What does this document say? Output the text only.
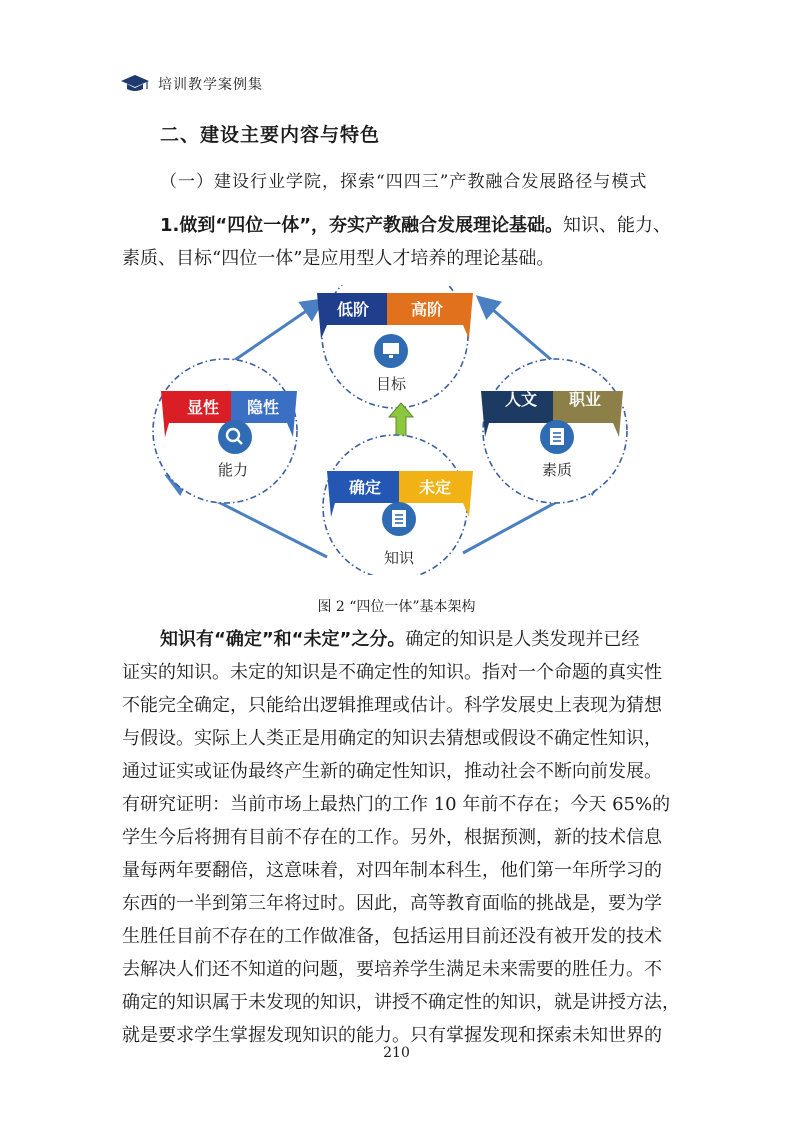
培训教学案例集
二、建设主要内容与特色
（一）建设行业学院，探索“四四三”产教融合发展路径与模式
1.做到“四位一体”，夯实产教融合发展理论基础。知识、能力、
素质、目标“四位一体”是应用型人才培养的理论基础。
低阶	高阶
目标
显性 隐性
能力
人文 职业
素质
确定 未定
知识
图 2 “四位一体”基本架构
知识有“确定”和“未定”之分。确定的知识是人类发现并已经
证实的知识。未定的知识是不确定性的知识。指对一个命题的真实性
不能完全确定，只能给出逻辑推理或估计。科学发展史上表现为猜想
与假设。实际上人类正是用确定的知识去猜想或假设不确定性知识，
通过证实或证伪最终产生新的确定性知识，推动社会不断向前发展。
有研究证明：当前市场上最热门的工作 10 年前不存在；今天 65%的
学生今后将拥有目前不存在的工作。另外，根据预测，新的技术信息
量每两年要翻倍，这意味着，对四年制本科生，他们第一年所学习的
东西的一半到第三年将过时。因此，高等教育面临的挑战是，要为学
生胜任目前不存在的工作做准备，包括运用目前还没有被开发的技术
去解决人们还不知道的问题，要培养学生满足未来需要的胜任力。不
确定的知识属于未发现的知识，讲授不确定性的知识，就是讲授方法，
就是要求学生掌握发现知识的能力。只有掌握发现和探索未知世界的
210
